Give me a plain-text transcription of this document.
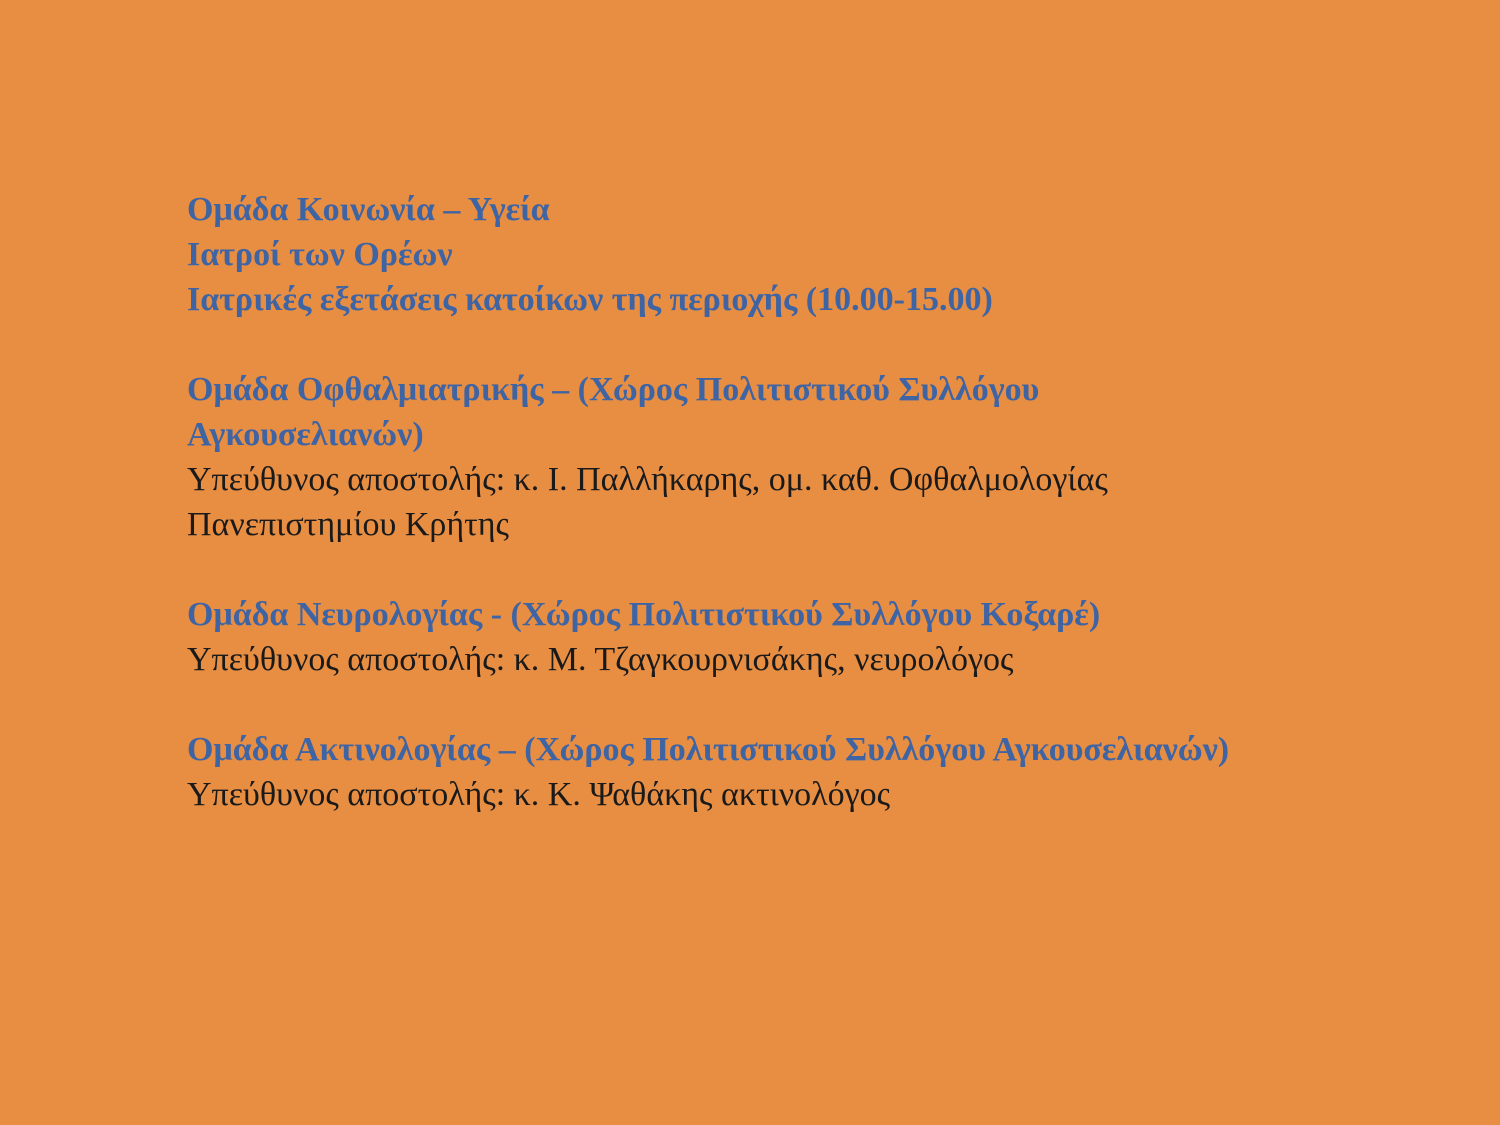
Ομάδα Κοινωνία – Υγεία
Ιατροί των Ορέων
Ιατρικές εξετάσεις κατοίκων της περιοχής (10.00-15.00)
Ομάδα Οφθαλμιατρικής – (Χώρος Πολιτιστικού Συλλόγου
Αγκουσελιανών)
Υπεύθυνος αποστολής: κ. Ι. Παλλήκαρης, ομ. καθ. Οφθαλμολογίας
Πανεπιστημίου Κρήτης
Ομάδα Νευρολογίας - (Χώρος Πολιτιστικού Συλλόγου Κοξαρέ)
Υπεύθυνος αποστολής: κ. Μ. Τζαγκουρνισάκης, νευρολόγος
Ομάδα Ακτινολογίας – (Χώρος Πολιτιστικού Συλλόγου Αγκουσελιανών)
Υπεύθυνος αποστολής: κ. Κ. Ψαθάκης ακτινολόγος
